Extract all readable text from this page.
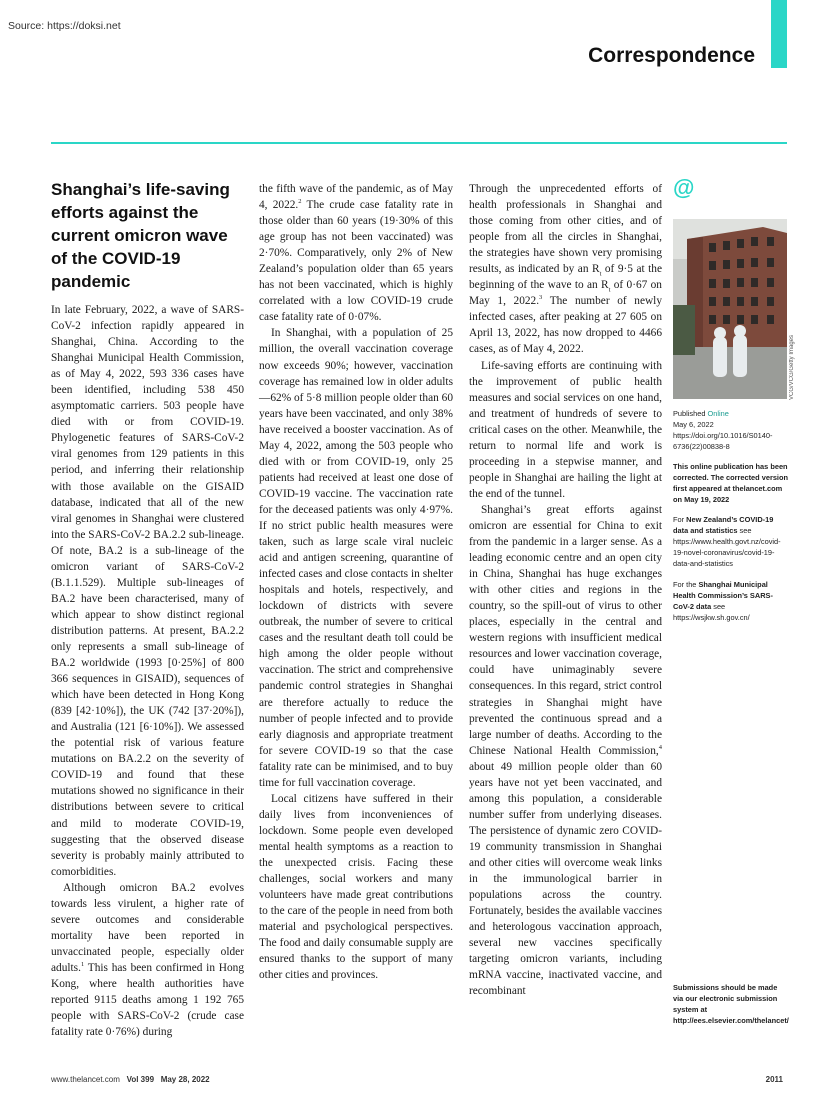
Source: https://doksi.net
Correspondence
Shanghai’s life-saving efforts against the current omicron wave of the COVID-19 pandemic

In late February, 2022, a wave of SARS-CoV-2 infection rapidly appeared in Shanghai, China. According to the Shanghai Municipal Health Commission, as of May 4, 2022, 593 336 cases have been identified, including 538 450 asymptomatic carriers. 503 people have died with or from COVID-19. Phylogenetic features of SARS-CoV-2 viral genomes from 129 patients in this period, and inferring their relationship with those available on the GISAID database, indicated that all of the new viral genomes in Shanghai were clustered into the SARS-CoV-2 BA.2.2 sub-lineage. Of note, BA.2 is a sub-lineage of the omicron variant of SARS-CoV-2 (B.1.1.529). Multiple sub-lineages of BA.2 have been characterised, many of which appear to show distinct regional distribution patterns. At present, BA.2.2 only represents a small sub-lineage of BA.2 worldwide (1993 [0·25%] of 800 366 sequences in GISAID), sequences of which have been detected in Hong Kong (839 [42·10%]), the UK (742 [37·20%]), and Australia (121 [6·10%]). We assessed the potential risk of various feature mutations on BA.2.2 on the severity of COVID-19 and found that these mutations showed no significance in their distributions between severe to critical and mild to moderate COVID-19, suggesting that the observed disease severity is probably mainly attributed to comorbidities.

Although omicron BA.2 evolves towards less virulent, a higher rate of severe outcomes and considerable mortality have been reported in unvaccinated people, especially older adults.$^1$ This has been confirmed in Hong Kong, where health authorities have reported 9115 deaths among 1 192 765 people with SARS-CoV-2 (crude case fatality rate 0·76%) during

the fifth wave of the pandemic, as of May 4, 2022.$^2$ The crude case fatality rate in those older than 60 years (19·30% of this age group has not been vaccinated) was 2·70%. Comparatively, only 2% of New Zealand’s population older than 65 years has not been vaccinated, which is highly correlated with a low COVID-19 crude case fatality rate of 0·07%.

In Shanghai, with a population of 25 million, the overall vaccination coverage now exceeds 90%; however, vaccination coverage has remained low in older adults—62% of 5·8 million people older than 60 years have been vaccinated, and only 38% have received a booster vaccination. As of May 4, 2022, among the 503 people who died with or from COVID-19, only 25 patients had received at least one dose of COVID-19 vaccine. The vaccination rate for the deceased patients was only 4·97%. If no strict public health measures were taken, such as large scale viral nucleic acid and antigen screening, quarantine of infected cases and close contacts in shelter hospitals and hotels, respectively, and lockdown of districts with severe outbreak, the number of severe to critical cases and the resultant death toll could be high among the older people without vaccination. The strict and comprehensive pandemic control strategies in Shanghai are therefore actually to reduce the number of people infected and to provide early diagnosis and appropriate treatment for severe COVID-19 so that the case fatality rate can be minimised, and to buy time for full vaccination coverage.

Local citizens have suffered in their daily lives from inconveniences of lockdown. Some people even developed mental health symptoms as a reaction to the unexpected crisis. Facing these challenges, social workers and many volunteers have made great contributions to the care of the people in need from both material and psychological perspectives. The food and daily consumable supply are ensured thanks to the support of many other cities and provinces.

Through the unprecedented efforts of health professionals in Shanghai and those coming from other cities, and of people from all the circles in Shanghai, the strategies have shown very promising results, as indicated by an $R_t$ of 9·5 at the beginning of the wave to an $R_t$ of 0·67 on May 1, 2022.$^3$ The number of newly infected cases, after peaking at 27 605 on April 13, 2022, has now dropped to 4466 cases, as of May 4, 2022.

Life-saving efforts are continuing with the improvement of public health measures and social services on one hand, and treatment of hundreds of severe to critical cases on the other. Meanwhile, the return to normal life and work is proceeding in a stepwise manner, and people in Shanghai are hailing the light at the end of the tunnel.

Shanghai’s great efforts against omicron are essential for China to exit from the pandemic in a larger sense. As a leading economic centre and an open city in China, Shanghai has huge exchanges with other cities and regions in the country, so the spill-out of virus to other places, especially in the central and western regions with insufficient medical resources and lower vaccination coverage, could have unimaginably severe consequences. In this regard, strict control strategies in Shanghai might have prevented the continuous spread and a large number of deaths. According to the Chinese National Health Commission,$^4$ about 49 million people older than 60 years have not yet been vaccinated, and among this population, a considerable number suffer from underlying diseases. The persistence of dynamic zero COVID-19 community transmission in Shanghai and other cities will overcome weak links in the immunological barrier in populations across the country. Fortunately, besides the available vaccines and heterologous vaccination approach, several new vaccines specifically targeting omicron variants, including mRNA vaccine, inactivated vaccine, and recombinant

@
VCG/VCG/Getty Images
Published Online
May 6, 2022
https://doi.org/10.1016/S0140-6736(22)00838-8
This online publication has been corrected. The corrected version first appeared at thelancet.com on May 19, 2022
For New Zealand’s COVID-19 data and statistics see https://www.health.govt.nz/covid-19-novel-coronavirus/covid-19-data-and-statistics
For the Shanghai Municipal Health Commission’s SARS-CoV-2 data see https://wsjkw.sh.gov.cn/
Submissions should be made via our electronic submission system at http://ees.elsevier.com/thelancet/
www.thelancet.com Vol 399 May 28, 2022	2011
